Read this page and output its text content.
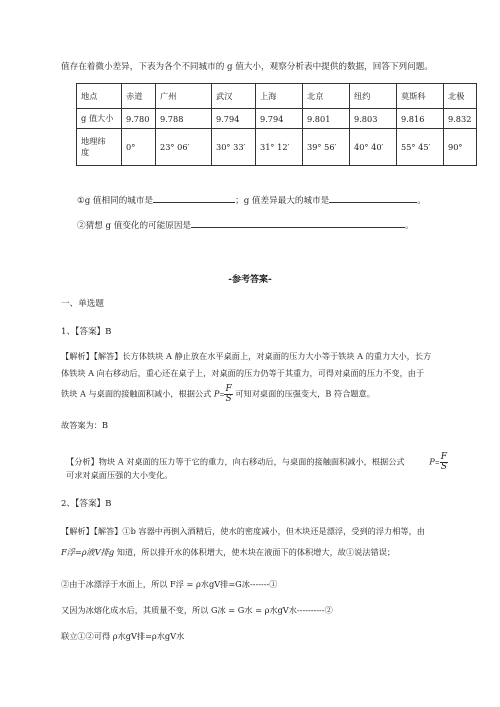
值存在着微小差异，下表为各个不同城市的 g 值大小，观察分析表中提供的数据，回答下列问题。
地点	赤道	广州	武汉	上海	北京	纽约	莫斯科	北极
g 值大小	9.780	9.788	9.794	9.794	9.801	9.803	9.816	9.832

地理纬
度	0°	23° 06′	30° 33′	31° 12′	39° 56′	40° 40′	55° 45′	90°
①g 值相同的城市是	；g 值差异最大的城市是	。
②猜想 g 值变化的可能原因是	。
-参考答案-
一、单选题
1、【答案】B
【解析】【解答】长方体铁块 A 静止放在水平桌面上，对桌面的压力大小等于铁块 A 的重力大小，长方
体铁块 A 向右移动后，重心还在桌子上，对桌面的压力仍等于其重力，可得对桌面的压力不变，由于
铁块 A 与桌面的接触面积减小，根据公式 $P= \frac{F}{S}$ 可知对桌面的压强变大，B 符合题意。
故答案为：B
【分析】物块 A 对桌面的压力等于它的重力，向右移动后，与桌面的接触面积减小，根据公式	$P= \frac{F}{S}$
可求对桌面压强的大小变化。
2、【答案】B
【解析】【解答】①b 容器中再倒入酒精后，使水的密度减小，但木块还是漂浮，受到的浮力相等，由
F浮=ρ液V排g 知道，所以排开水的体积增大，使木块在液面下的体积增大，故①说法错误；
②由于冰漂浮于水面上，所以 F浮 = ρ水gV排=G冰-------①
又因为冰熔化成水后，其质量不变，所以 G冰 = G水 = ρ水gV水----------②
联立①②可得 ρ水gV排=ρ水gV水
